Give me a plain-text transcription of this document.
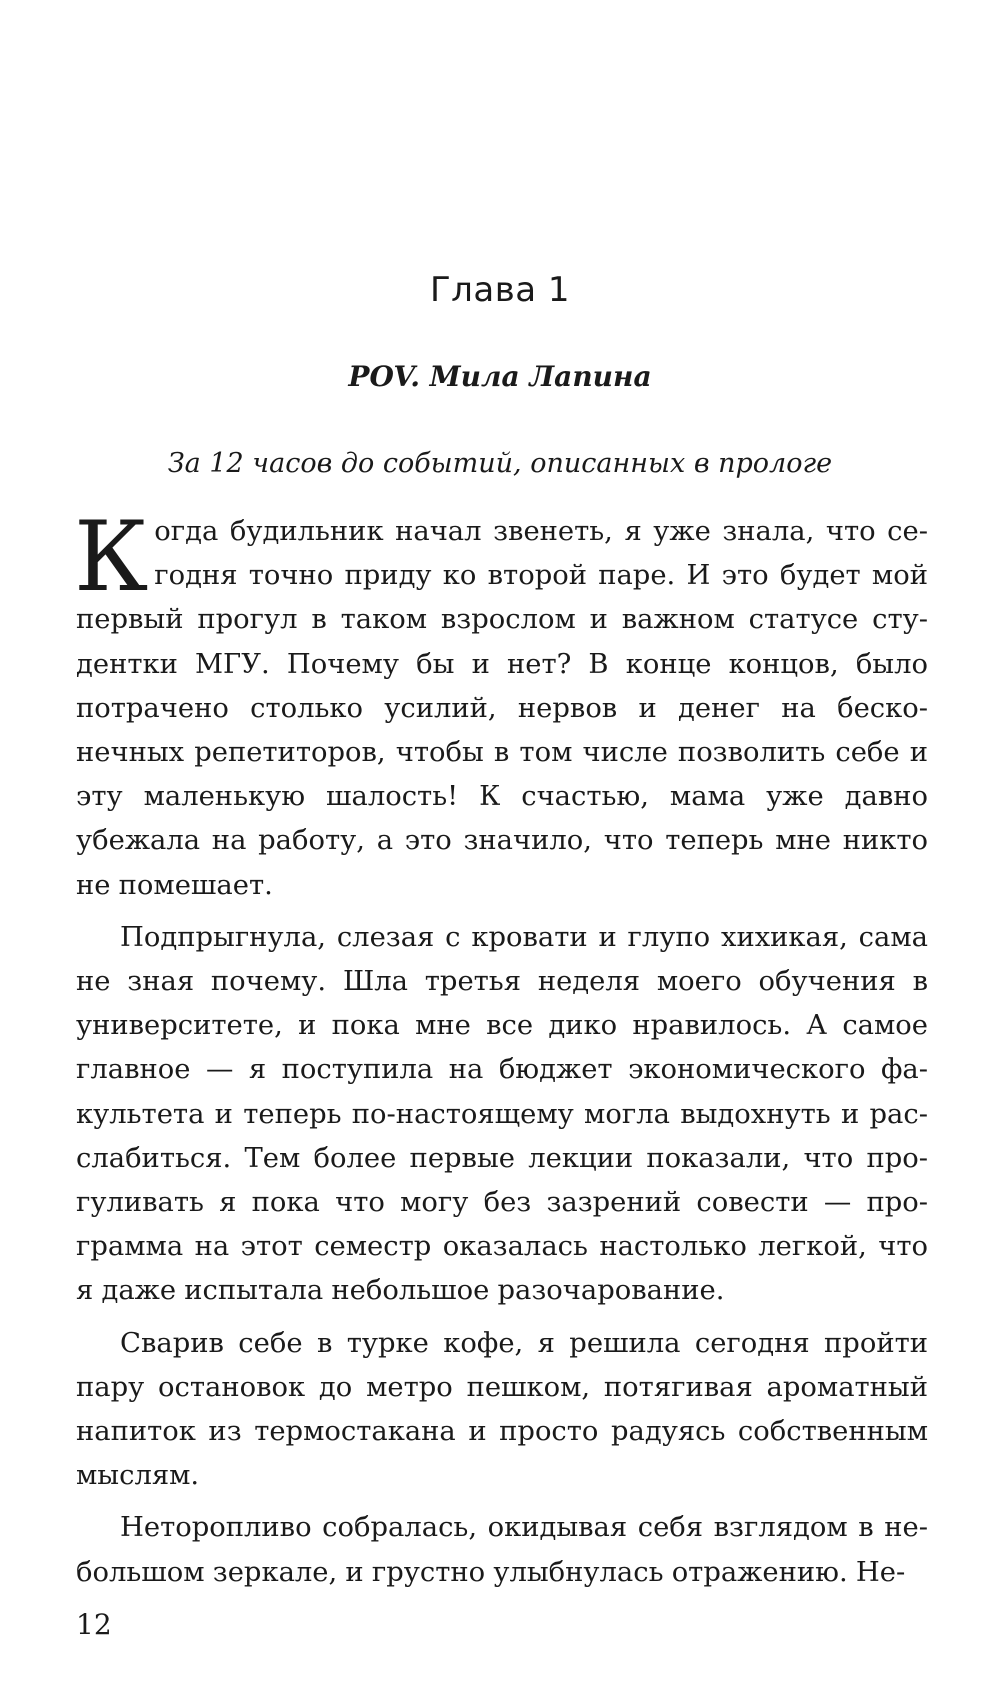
Глава 1
POV. Мила Лапина

За 12 часов до событий, описанных в прологе

Когда будильник начал звенеть, я уже знала, что сегодня точно приду ко второй паре. И это будет мой первый прогул в таком взрослом и важном статусе студентки МГУ. Почему бы и нет? В конце концов, было потрачено столько усилий, нервов и денег на бесконечных репетиторов, чтобы в том числе позволить себе и эту маленькую шалость! К счастью, мама уже давно убежала на работу, а это значило, что теперь мне никто не помешает.

Подпрыгнула, слезая с кровати и глупо хихикая, сама не зная почему. Шла третья неделя моего обучения в университете, и пока мне все дико нравилось. А самое главное — я поступила на бюджет экономического факультета и теперь по-настоящему могла выдохнуть и расслабиться. Тем более первые лекции показали, что прогуливать я пока что могу без зазрений совести — программа на этот семестр оказалась настолько легкой, что я даже испытала небольшое разочарование.

Сварив себе в турке кофе, я решила сегодня пройти пару остановок до метро пешком, потягивая ароматный напиток из термостакана и просто радуясь собственным мыслям.

Неторопливо собралась, окидывая себя взглядом в небольшом зеркале, и грустно улыбнулась отражению. Не-

12
